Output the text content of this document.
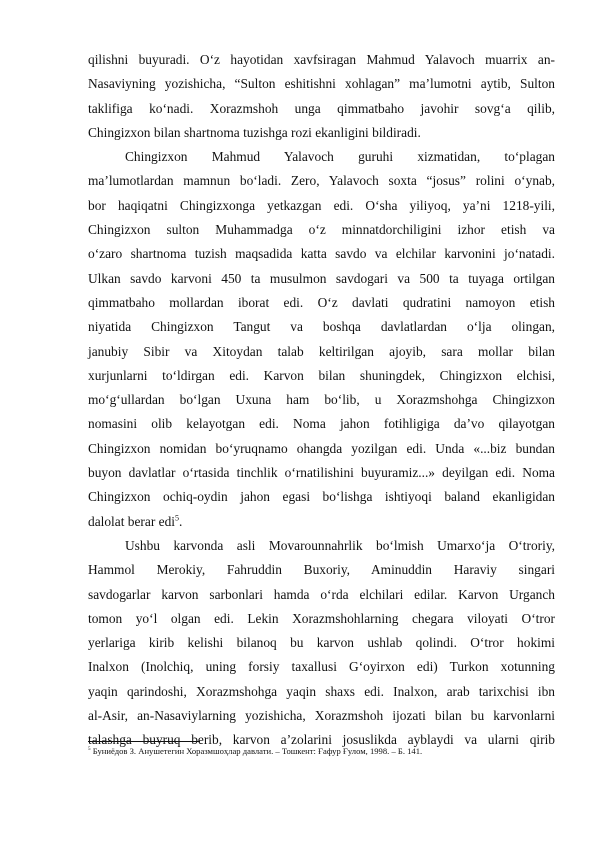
qilishni buyuradi. O‘z hayotidan xavfsiragan Mahmud Yalavoch muarrix an-
Nasaviyning yozishicha, “Sulton eshitishni xohlagan” ma’lumotni aytib, Sulton
taklifiga ko‘nadi. Xorazmshoh unga qimmatbaho javohir sovg‘a qilib,
Chingizxon bilan shartnoma tuzishga rozi ekanligini bildiradi.
Chingizxon Mahmud Yalavoch guruhi xizmatidan, to‘plagan
ma’lumotlardan mamnun bo‘ladi. Zero, Yalavoch soxta “josus” rolini o‘ynab,
bor haqiqatni Chingizxonga yetkazgan edi. O‘sha yiliyoq, ya’ni 1218-yili,
Chingizxon sulton Muhammadga o‘z minnatdorchiligini izhor etish va
o‘zaro shartnoma tuzish maqsadida katta savdo va elchilar karvonini jo‘natadi.
Ulkan savdo karvoni 450 ta musulmon savdogari va 500 ta tuyaga ortilgan
qimmatbaho mollardan iborat edi. O‘z davlati qudratini namoyon etish
niyatida Chingizxon Tangut va boshqa davlatlardan o‘lja olingan,
janubiy Sibir va Xitoydan talab keltirilgan ajoyib, sara mollar bilan
xurjunlarni to‘ldirgan edi. Karvon bilan shuningdek, Chingizxon elchisi,
mo‘g‘ullardan bo‘lgan Uxuna ham bo‘lib, u Xorazmshohga Chingizxon
nomasini olib kelayotgan edi. Noma jahon fotihligiga da’vo qilayotgan
Chingizxon nomidan bo‘yruqnamo ohangda yozilgan edi. Unda «...biz bundan
buyon davlatlar o‘rtasida tinchlik o‘rnatilishini buyuramiz...» deyilgan edi. Noma
Chingizxon ochiq-oydin jahon egasi bo‘lishga ishtiyoqi baland ekanligidan
dalolat berar edi$^5$.
Ushbu karvonda asli Movarounnahrlik bo‘lmish Umarxo‘ja O‘troriy,
Hammol Merokiy, Fahruddin Buxoriy, Aminuddin Haraviy singari
savdogarlar karvon sarbonlari hamda o‘rda elchilari edilar. Karvon Urganch
tomon yo‘l olgan edi. Lekin Xorazmshohlarning chegara viloyati O‘tror
yerlariga kirib kelishi bilanoq bu karvon ushlab qolindi. O‘tror hokimi
Inalxon (Inolchiq, uning forsiy taxallusi G‘oyirxon edi) Turkon xotunning
yaqin qarindoshi, Xorazmshohga yaqin shaxs edi. Inalxon, arab tarixchisi ibn
al-Asir, an-Nasaviylarning yozishicha, Xorazmshoh ijozati bilan bu karvonlarni
talashga buyruq berib, karvon a’zolarini josuslikda ayblaydi va ularni qirib
$^5$ Буниёдов З. Анушетегин Хоразмшоҳлар давлати. – Тошкент: Ғафур Ғулом, 1998. – Б. 141.
